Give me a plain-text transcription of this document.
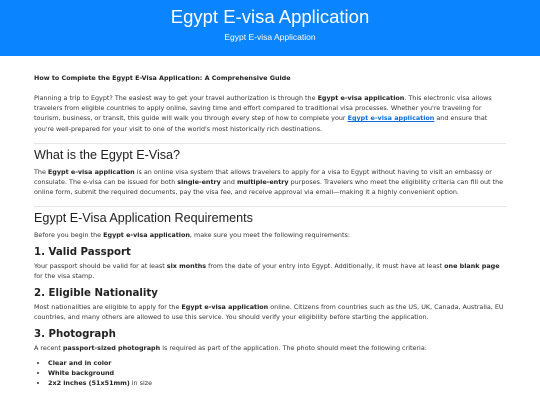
Egypt E-visa Application
Egypt E-visa Application
How to Complete the Egypt E-Visa Application: A Comprehensive Guide

Planning a trip to Egypt? The easiest way to get your travel authorization is through the Egypt e-visa application. This electronic visa allows travelers from eligible countries to apply online, saving time and effort compared to traditional visa processes. Whether you're traveling for tourism, business, or transit, this guide will walk you through every step of how to complete your Egypt e-visa application and ensure that you're well-prepared for your visit to one of the world's most historically rich destinations.

What is the Egypt E-Visa?

The Egypt e-visa application is an online visa system that allows travelers to apply for a visa to Egypt without having to visit an embassy or consulate. The e-visa can be issued for both single-entry and multiple-entry purposes. Travelers who meet the eligibility criteria can fill out the online form, submit the required documents, pay the visa fee, and receive approval via email—making it a highly convenient option.

Egypt E-Visa Application Requirements

Before you begin the Egypt e-visa application, make sure you meet the following requirements:

1. Valid Passport

Your passport should be valid for at least six months from the date of your entry into Egypt. Additionally, it must have at least one blank page for the visa stamp.

2. Eligible Nationality

Most nationalities are eligible to apply for the Egypt e-visa application online. Citizens from countries such as the US, UK, Canada, Australia, EU countries, and many others are allowed to use this service. You should verify your eligibility before starting the application.

3. Photograph

A recent passport-sized photograph is required as part of the application. The photo should meet the following criteria:

• Clear and in color
• White background
• 2x2 inches (51x51mm) in size
